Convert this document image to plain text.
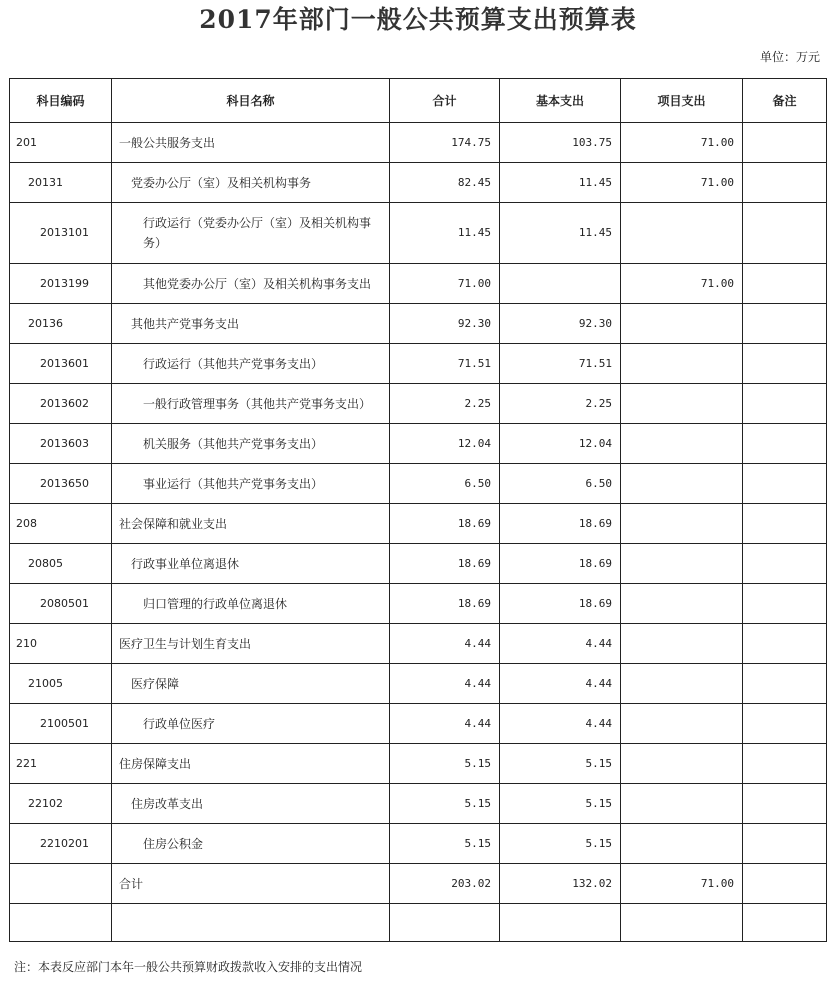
2017年部门一般公共预算支出预算表
单位：万元
科目编码	科目名称	合计	基本支出	项目支出	备注
201	一般公共服务支出	174.75	103.75	71.00	
20131	党委办公厅（室）及相关机构事务	82.45	11.45	71.00	
2013101	行政运行（党委办公厅（室）及相关机构事务）	11.45	11.45		
2013199	其他党委办公厅（室）及相关机构事务支出	71.00		71.00	
20136	其他共产党事务支出	92.30	92.30		
2013601	行政运行（其他共产党事务支出）	71.51	71.51		
2013602	一般行政管理事务（其他共产党事务支出）	2.25	2.25		
2013603	机关服务（其他共产党事务支出）	12.04	12.04		
2013650	事业运行（其他共产党事务支出）	6.50	6.50		
208	社会保障和就业支出	18.69	18.69		
20805	行政事业单位离退休	18.69	18.69		
2080501	归口管理的行政单位离退休	18.69	18.69		
210	医疗卫生与计划生育支出	4.44	4.44		
21005	医疗保障	4.44	4.44		
2100501	行政单位医疗	4.44	4.44		
221	住房保障支出	5.15	5.15		
22102	住房改革支出	5.15	5.15		
2210201	住房公积金	5.15	5.15		
	合计	203.02	132.02	71.00	

注：本表反应部门本年一般公共预算财政拨款收入安排的支出情况
